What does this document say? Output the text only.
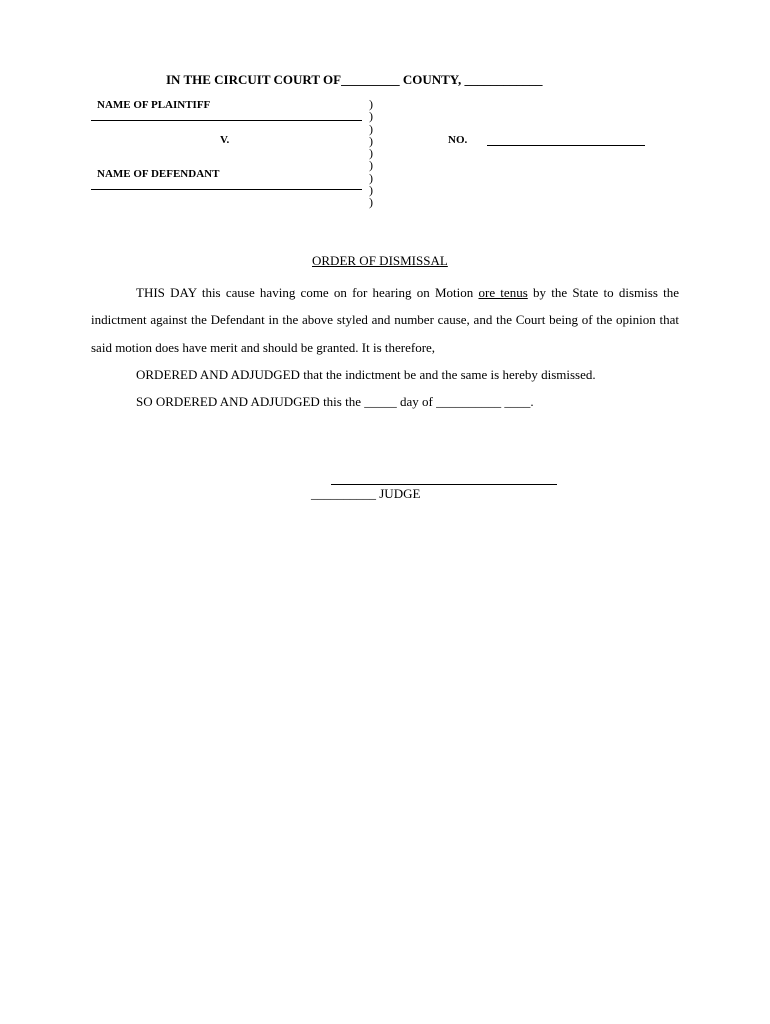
IN THE CIRCUIT COURT OF_________ COUNTY, ____________
NAME OF PLAINTIFF
V.
NAME OF DEFENDANT
)
)
)
)
)
)
)
)
)
NO.
ORDER OF DISMISSAL

THIS DAY this cause having come on for hearing on Motion ore tenus by the State to dismiss the indictment against the Defendant in the above styled and number cause, and the Court being of the opinion that said motion does have merit and should be granted. It is therefore,

ORDERED AND ADJUDGED that the indictment be and the same is hereby dismissed.

SO ORDERED AND ADJUDGED this the _____ day of __________ ____.

__________ JUDGE
